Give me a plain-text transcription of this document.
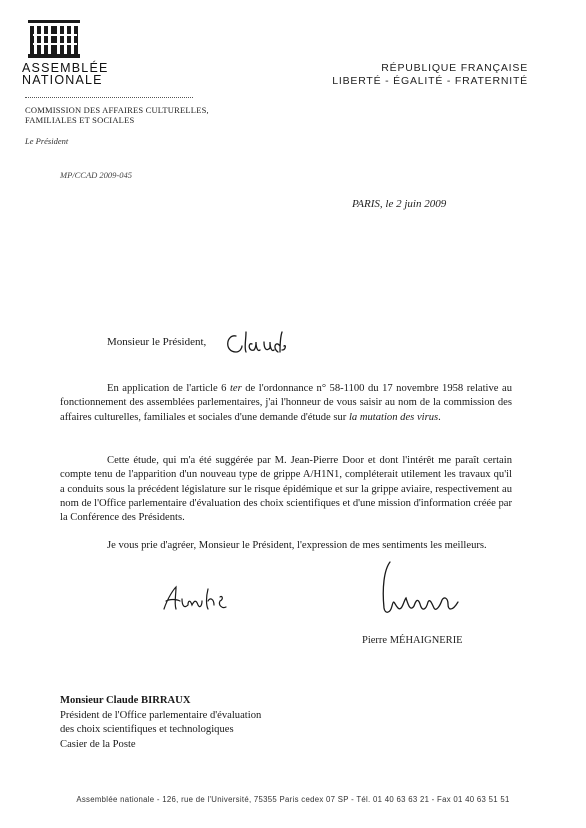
ASSEMBLÉE
NATIONALE
RÉPUBLIQUE FRANÇAISE
LIBERTÉ - ÉGALITÉ - FRATERNITÉ
COMMISSION DES AFFAIRES CULTURELLES,
FAMILIALES ET SOCIALES
Le Président
MP/CCAD 2009-045
PARIS, le 2 juin 2009
Monsieur le Président,
En application de l'article 6 ter de l'ordonnance n° 58-1100 du 17 novembre 1958 relative au fonctionnement des assemblées parlementaires, j'ai l'honneur de vous saisir au nom de la commission des affaires culturelles, familiales et sociales d'une demande d'étude sur la mutation des virus.
Cette étude, qui m'a été suggérée par M. Jean-Pierre Door et dont l'intérêt me paraît certain compte tenu de l'apparition d'un nouveau type de grippe A/H1N1, compléterait utilement les travaux qu'il a conduits sous la précédent législature sur le risque épidémique et sur la grippe aviaire, respectivement au nom de l'Office parlementaire d'évaluation des choix scientifiques et d'une mission d'information créée par la Conférence des Présidents.
Je vous prie d'agréer, Monsieur le Président, l'expression de mes sentiments les meilleurs.
Pierre MÉHAIGNERIE
Monsieur Claude BIRRAUX
Président de l'Office parlementaire d'évaluation
des choix scientifiques et technologiques
Casier de la Poste
Assemblée nationale - 126, rue de l'Université, 75355 Paris cedex 07 SP - Tél. 01 40 63 63 21 - Fax 01 40 63 51 51
